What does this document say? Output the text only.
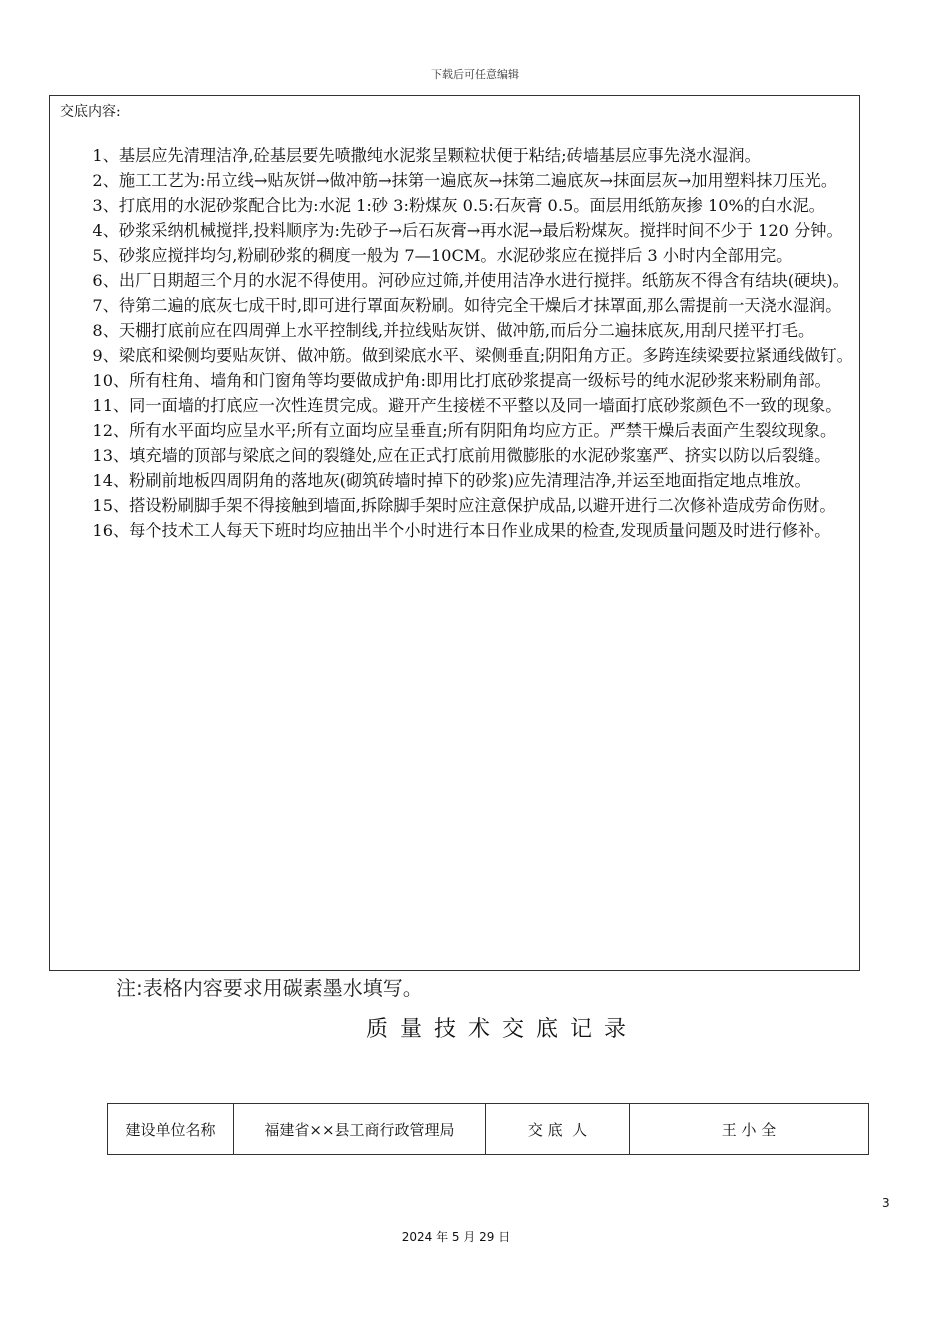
下载后可任意编辑
交底内容:

1、基层应先清理洁净,砼基层要先喷撒纯水泥浆呈颗粒状便于粘结;砖墙基层应事先浇水湿润。

2、施工工艺为:吊立线→贴灰饼→做冲筋→抹第一遍底灰→抹第二遍底灰→抹面层灰→加用塑料抹刀压光。

3、打底用的水泥砂浆配合比为:水泥 1:砂 3:粉煤灰 0.5:石灰膏 0.5。面层用纸筋灰掺 10%的白水泥。

4、砂浆采纳机械搅拌,投料顺序为:先砂子→后石灰膏→再水泥→最后粉煤灰。搅拌时间不少于 120 分钟。

5、砂浆应搅拌均匀,粉刷砂浆的稠度一般为 7—10CM。水泥砂浆应在搅拌后 3 小时内全部用完。

6、出厂日期超三个月的水泥不得使用。河砂应过筛,并使用洁净水进行搅拌。纸筋灰不得含有结块(硬块)。

7、待第二遍的底灰七成干时,即可进行罩面灰粉刷。如待完全干燥后才抹罩面,那么需提前一天浇水湿润。

8、天棚打底前应在四周弹上水平控制线,并拉线贴灰饼、做冲筋,而后分二遍抹底灰,用刮尺搓平打毛。

9、梁底和梁侧均要贴灰饼、做冲筋。做到梁底水平、梁侧垂直;阴阳角方正。多跨连续梁要拉紧通线做钉。

10、所有柱角、墙角和门窗角等均要做成护角:即用比打底砂浆提高一级标号的纯水泥砂浆来粉刷角部。

11、同一面墙的打底应一次性连贯完成。避开产生接槎不平整以及同一墙面打底砂浆颜色不一致的现象。

12、所有水平面均应呈水平;所有立面均应呈垂直;所有阴阳角均应方正。严禁干燥后表面产生裂纹现象。

13、填充墙的顶部与梁底之间的裂缝处,应在正式打底前用微膨胀的水泥砂浆塞严、挤实以防以后裂缝。

14、粉刷前地板四周阴角的落地灰(砌筑砖墙时掉下的砂浆)应先清理洁净,并运至地面指定地点堆放。

15、搭设粉刷脚手架不得接触到墙面,拆除脚手架时应注意保护成品,以避开进行二次修补造成劳命伤财。

16、每个技术工人每天下班时均应抽出半个小时进行本日作业成果的检查,发现质量问题及时进行修补。

注:表格内容要求用碳素墨水填写。
质量技术交底记录
建设单位名称	福建省××县工商行政管理局	交 底  人	王 小 全
3
2024 年 5 月 29 日
